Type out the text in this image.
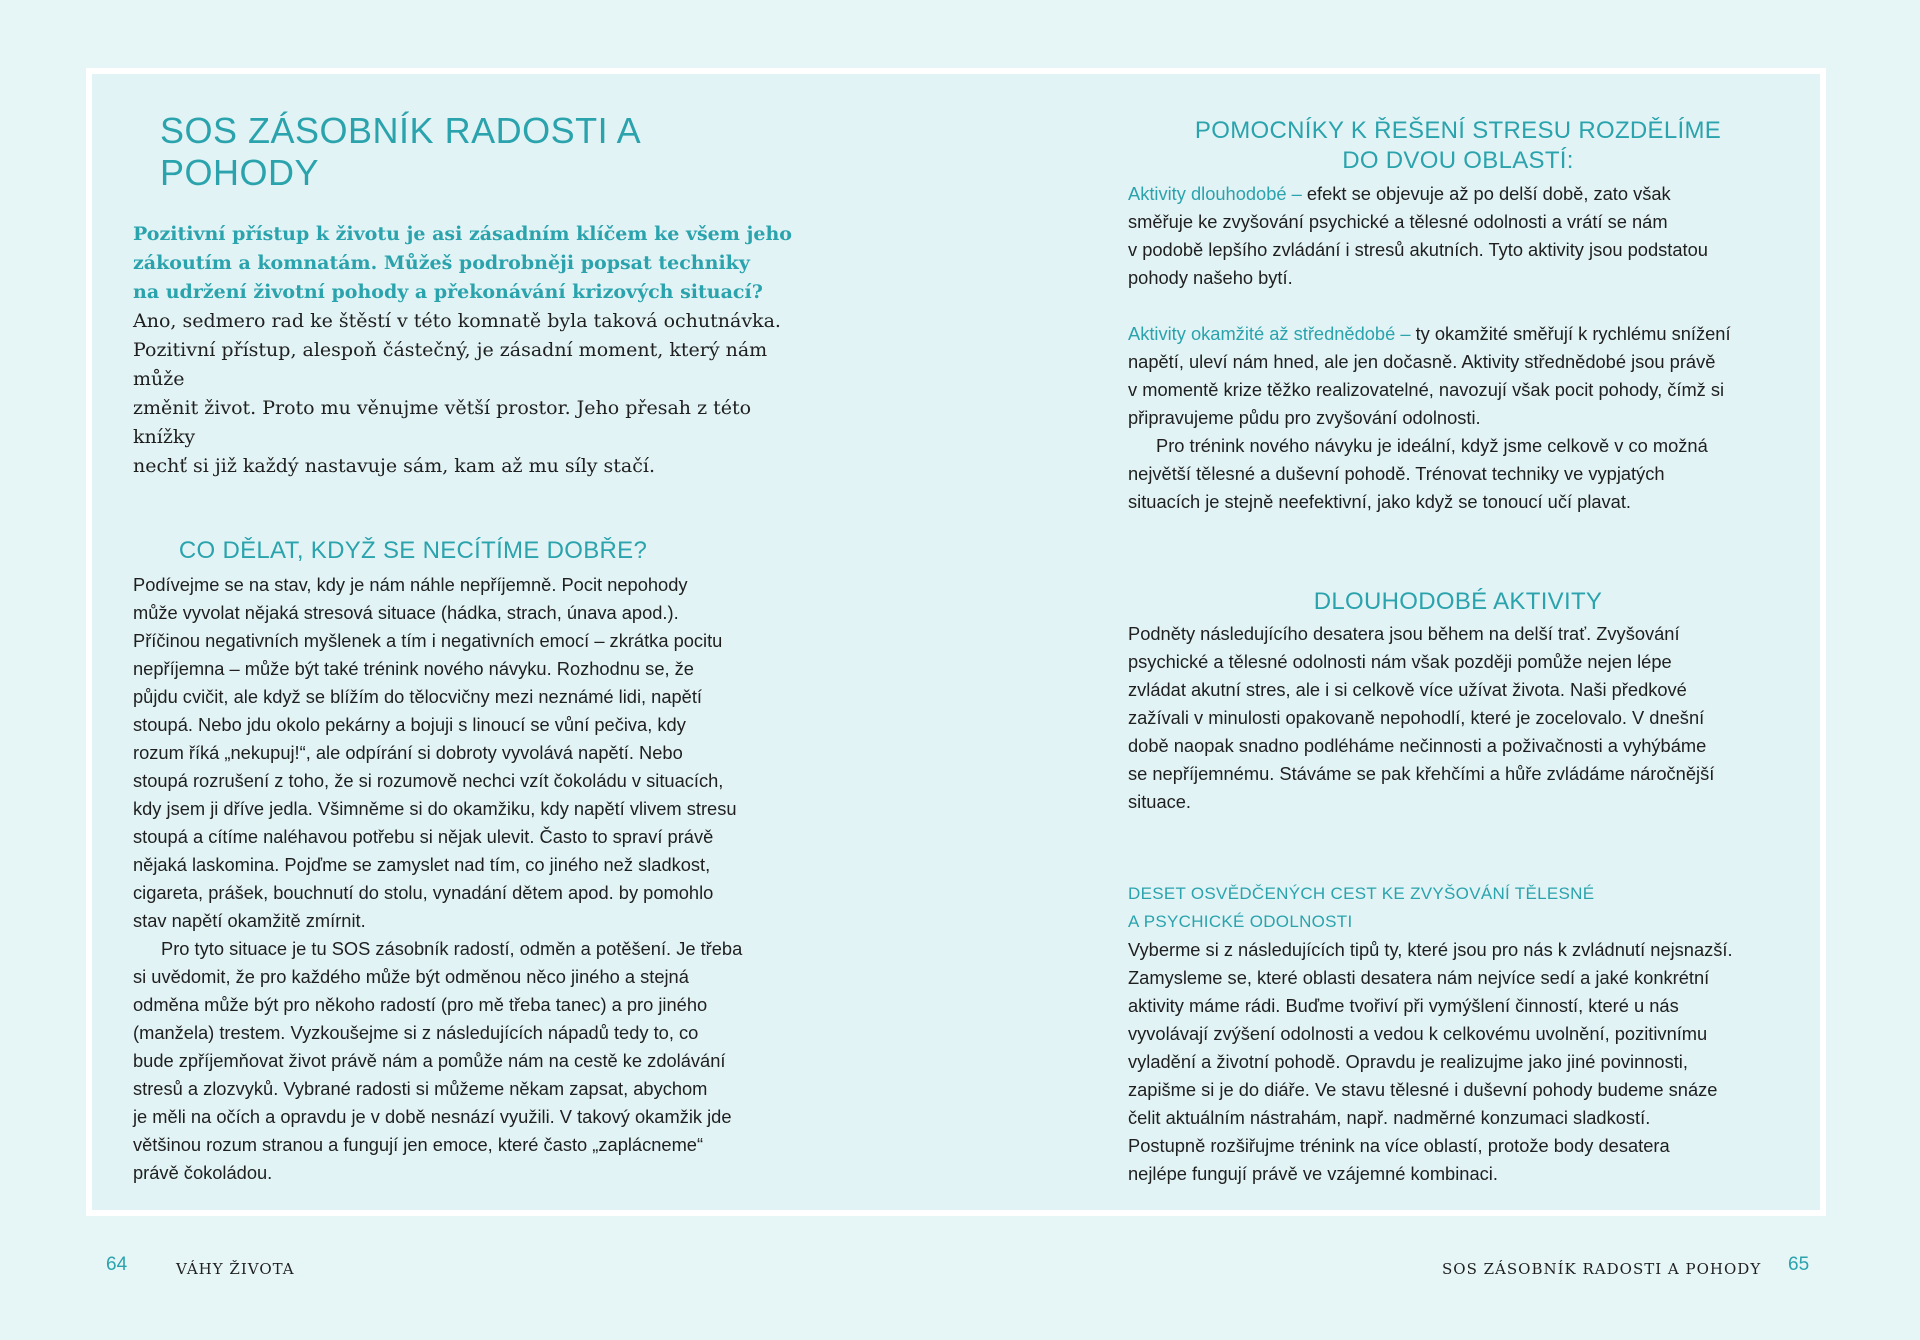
SOS ZÁSOBNÍK RADOSTI A POHODY

Pozitivní přístup k životu je asi zásadním klíčem ke všem jeho
zákoutím a komnatám. Můžeš podrobněji popsat techniky
na udržení životní pohody a překonávání krizových situací?

Ano, sedmero rad ke štěstí v této komnatě byla taková ochutnávka.
Pozitivní přístup, alespoň částečný, je zásadní moment, který nám může
změnit život. Proto mu věnujme větší prostor. Jeho přesah z této knížky
nechť si již každý nastavuje sám, kam až mu síly stačí.

CO DĚLAT, KDYŽ SE NECÍTÍME DOBŘE?

Podívejme se na stav, kdy je nám náhle nepříjemně. Pocit nepohody
může vyvolat nějaká stresová situace (hádka, strach, únava apod.).
Příčinou negativních myšlenek a tím i negativních emocí – zkrátka pocitu
nepříjemna – může být také trénink nového návyku. Rozhodnu se, že
půjdu cvičit, ale když se blížím do tělocvičny mezi neznámé lidi, napětí
stoupá. Nebo jdu okolo pekárny a bojuji s linoucí se vůní pečiva, kdy
rozum říká „nekupuj!“, ale odpírání si dobroty vyvolává napětí. Nebo
stoupá rozrušení z toho, že si rozumově nechci vzít čokoládu v situacích,
kdy jsem ji dříve jedla. Všimněme si do okamžiku, kdy napětí vlivem stresu
stoupá a cítíme naléhavou potřebu si nějak ulevit. Často to spraví právě
nějaká laskomina. Pojďme se zamyslet nad tím, co jiného než sladkost,
cigareta, prášek, bouchnutí do stolu, vynadání dětem apod. by pomohlo
stav napětí okamžitě zmírnit.

Pro tyto situace je tu SOS zásobník radostí, odměn a potěšení. Je třeba
si uvědomit, že pro každého může být odměnou něco jiného a stejná
odměna může být pro někoho radostí (pro mě třeba tanec) a pro jiného
(manžela) trestem. Vyzkoušejme si z následujících nápadů tedy to, co
bude zpříjemňovat život právě nám a pomůže nám na cestě ke zdolávání
stresů a zlozvyků. Vybrané radosti si můžeme někam zapsat, abychom
je měli na očích a opravdu je v době nesnází využili. V takový okamžik jde
většinou rozum stranou a fungují jen emoce, které často „zaplácneme“
právě čokoládou.

POMOCNÍKY K ŘEŠENÍ STRESU ROZDĚLÍME
DO DVOU OBLASTÍ:

Aktivity dlouhodobé – efekt se objevuje až po delší době, zato však
směřuje ke zvyšování psychické a tělesné odolnosti a vrátí se nám
v podobě lepšího zvládání i stresů akutních. Tyto aktivity jsou podstatou
pohody našeho bytí.

Aktivity okamžité až střednědobé – ty okamžité směřují k rychlému snížení
napětí, uleví nám hned, ale jen dočasně. Aktivity střednědobé jsou právě
v momentě krize těžko realizovatelné, navozují však pocit pohody, čímž si
připravujeme půdu pro zvyšování odolnosti.

Pro trénink nového návyku je ideální, když jsme celkově v co možná
největší tělesné a duševní pohodě. Trénovat techniky ve vypjatých
situacích je stejně neefektivní, jako když se tonoucí učí plavat.

DLOUHODOBÉ AKTIVITY

Podněty následujícího desatera jsou během na delší trať. Zvyšování
psychické a tělesné odolnosti nám však později pomůže nejen lépe
zvládat akutní stres, ale i si celkově více užívat života. Naši předkové
zažívali v minulosti opakovaně nepohodlí, které je zocelovalo. V dnešní
době naopak snadno podléháme nečinnosti a poživačnosti a vyhýbáme
se nepříjemnému. Stáváme se pak křehčími a hůře zvládáme náročnější
situace.

DESET OSVĚDČENÝCH CEST KE ZVYŠOVÁNÍ TĚLESNÉ
A PSYCHICKÉ ODOLNOSTI

Vyberme si z následujících tipů ty, které jsou pro nás k zvládnutí nejsnazší.
Zamysleme se, které oblasti desatera nám nejvíce sedí a jaké konkrétní
aktivity máme rádi. Buďme tvořiví při vymýšlení činností, které u nás
vyvolávají zvýšení odolnosti a vedou k celkovému uvolnění, pozitivnímu
vyladění a životní pohodě. Opravdu je realizujme jako jiné povinnosti,
zapišme si je do diáře. Ve stavu tělesné i duševní pohody budeme snáze
čelit aktuálním nástrahám, např. nadměrné konzumaci sladkostí.
Postupně rozšiřujme trénink na více oblastí, protože body desatera
nejlépe fungují právě ve vzájemné kombinaci.

64	VÁHY ŽIVOTA	SOS ZÁSOBNÍK RADOSTI A POHODY 65
